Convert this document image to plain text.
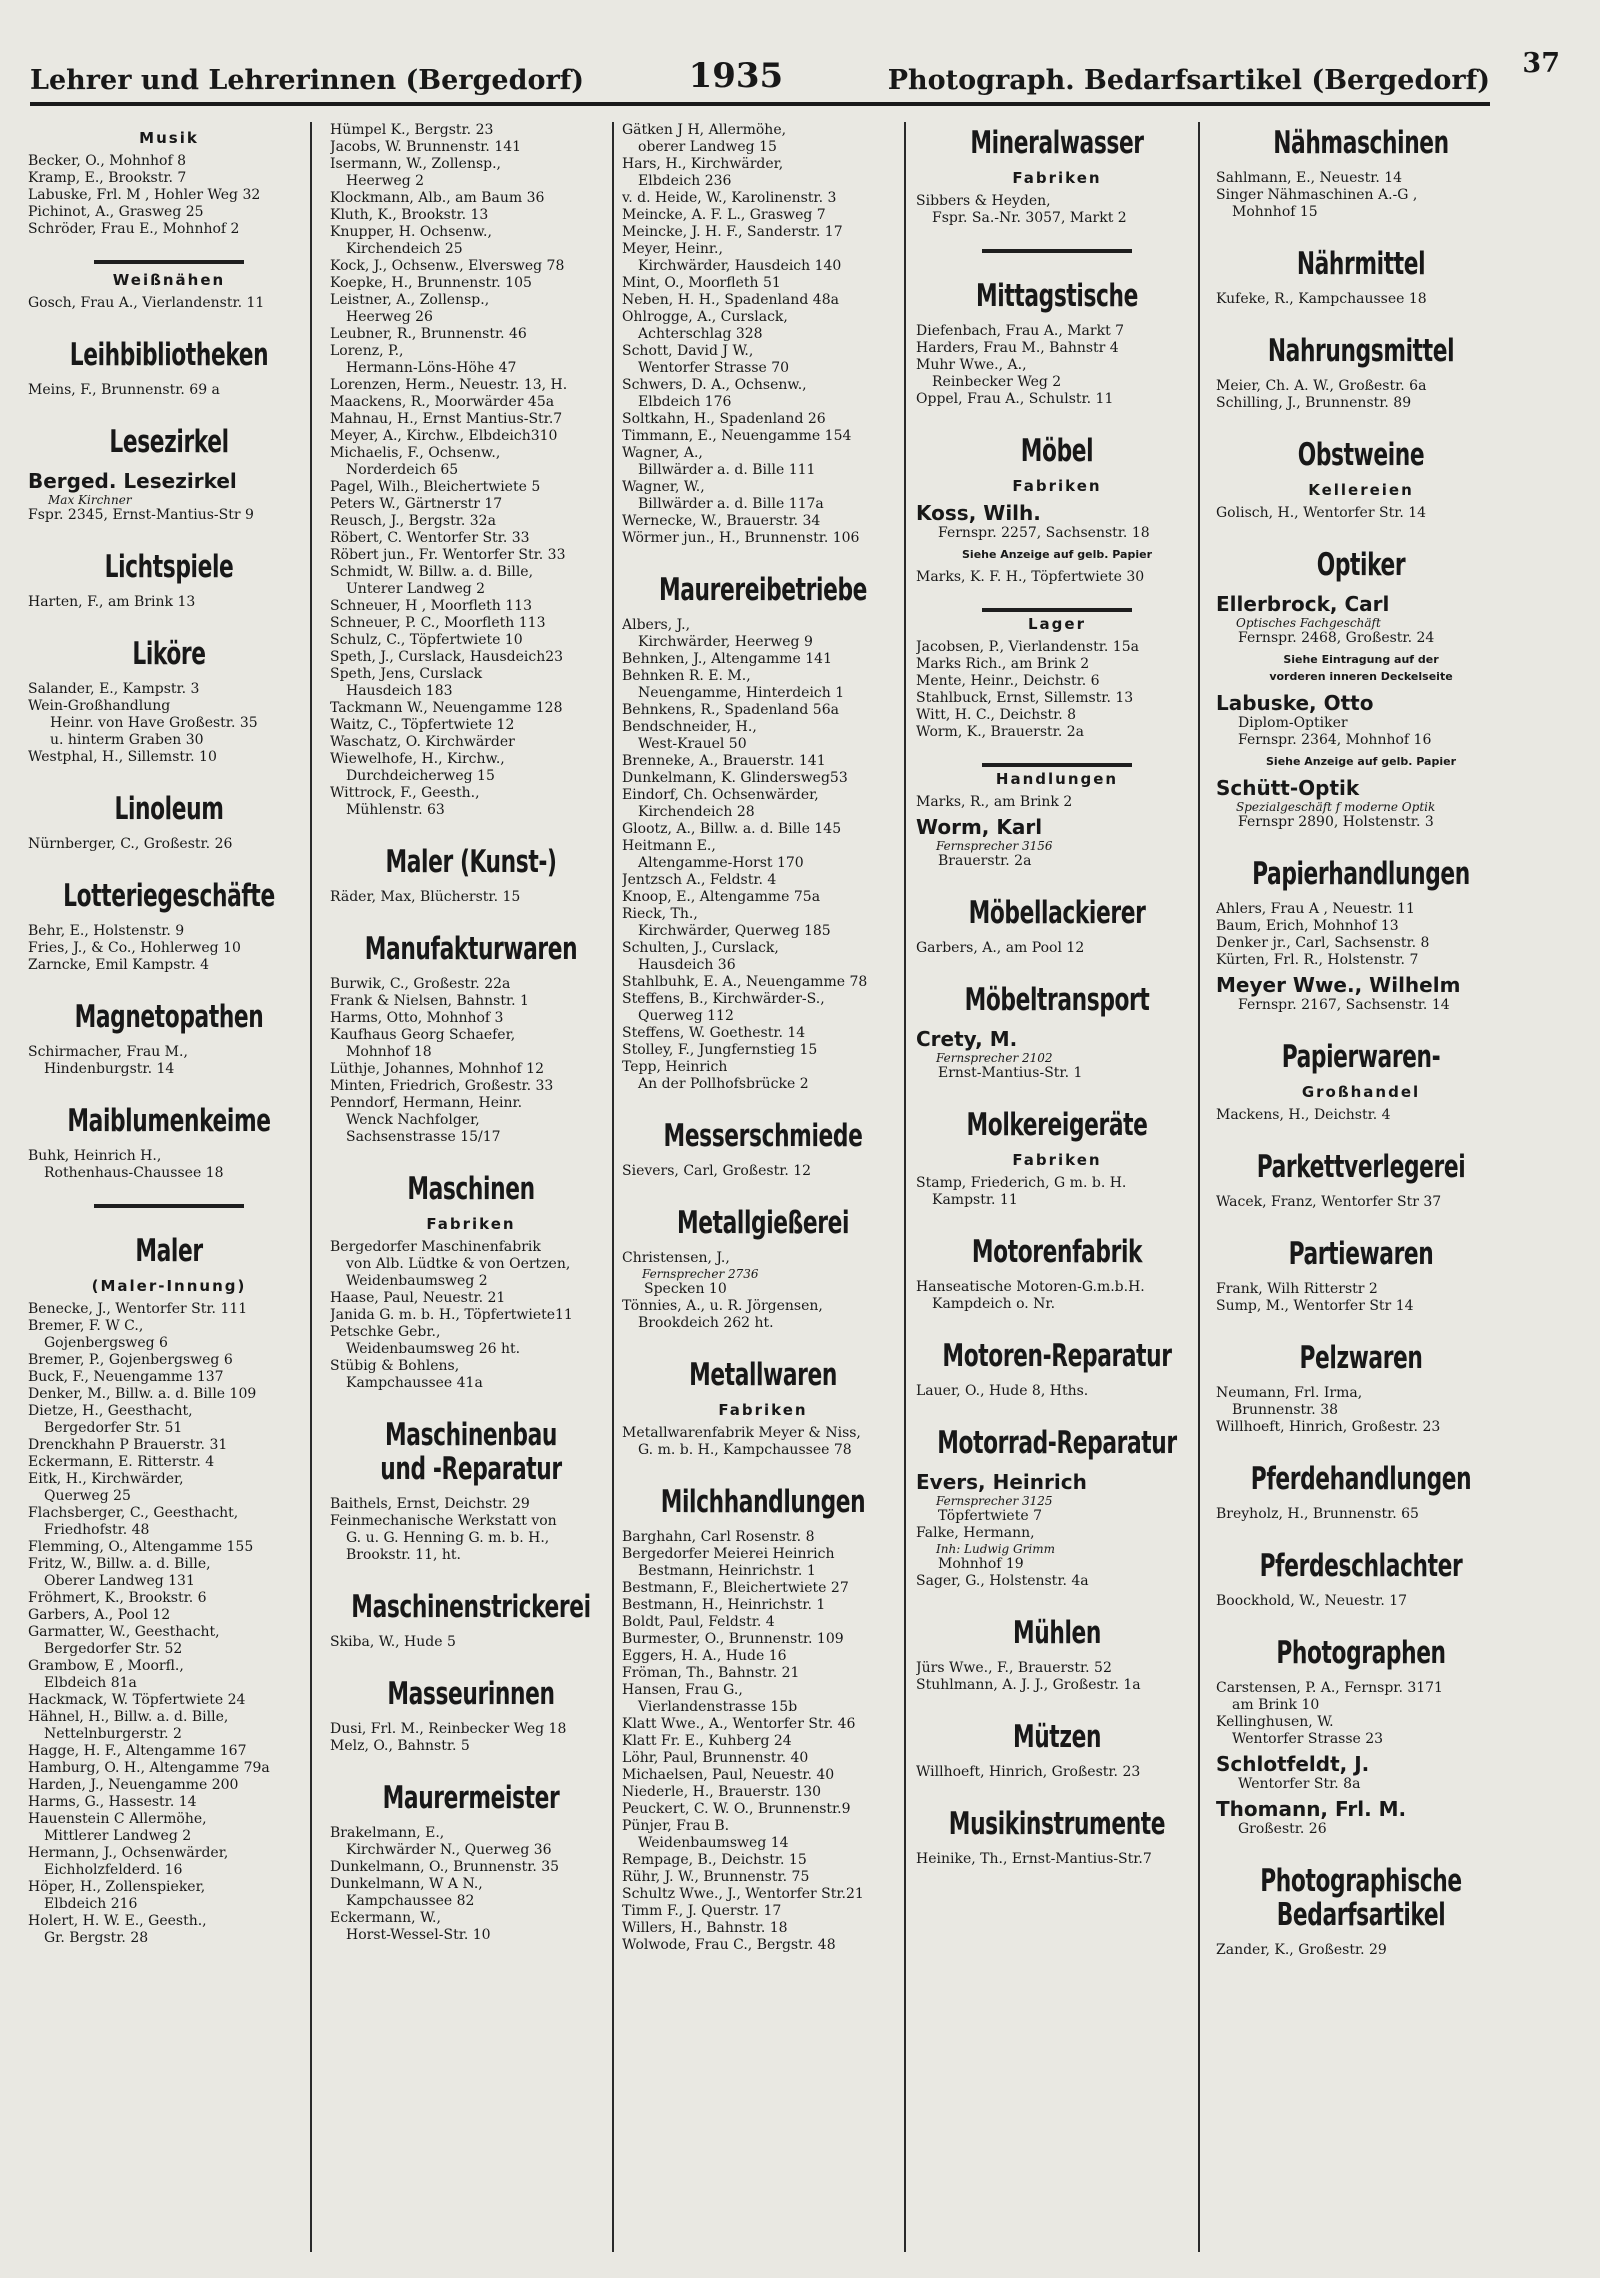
Lehrer und Lehrerinnen (Bergedorf)	1935	Photograph. Bedarfsartikel (Bergedorf)
37
Musik

Becker, O., Mohnhof 8

Kramp, E., Brookstr. 7

Labuske, Frl. M , Hohler Weg 32

Pichinot, A., Grasweg 25

Schröder, Frau E., Mohnhof 2

Weißnähen

Gosch, Frau A., Vierlandenstr. 11

Leihbibliotheken

Meins, F., Brunnenstr. 69 a

Lesezirkel
Berged. Lesezirkel
Max Kirchner

Fspr. 2345, Ernst-Mantius-Str 9

Lichtspiele

Harten, F., am Brink 13

Liköre

Salander, E., Kampstr. 3

Wein-Großhandlung

Heinr. von Have Großestr. 35
u. hinterm Graben 30

Westphal, H., Sillemstr. 10

Linoleum

Nürnberger, C., Großestr. 26

Lotteriegeschäfte

Behr, E., Holstenstr. 9

Fries, J., & Co., Hohlerweg 10

Zarncke, Emil Kampstr. 4

Magnetopathen

Schirmacher, Frau M.,
Hindenburgstr. 14

Maiblumenkeime

Buhk, Heinrich H.,
Rothenhaus-Chaussee 18

Maler
(Maler-Innung)

Benecke, J., Wentorfer Str. 111

Bremer, F. W C.,
Gojenbergsweg 6

Bremer, P., Gojenbergsweg 6

Buck, F., Neuengamme 137

Denker, M., Billw. a. d. Bille 109

Dietze, H., Geesthacht,
Bergedorfer Str. 51

Drenckhahn P Brauerstr. 31

Eckermann, E. Ritterstr. 4

Eitk, H., Kirchwärder,
Querweg 25

Flachsberger, C., Geesthacht,
Friedhofstr. 48

Flemming, O., Altengamme 155

Fritz, W., Billw. a. d. Bille,
Oberer Landweg 131

Fröhmert, K., Brookstr. 6

Garbers, A., Pool 12

Garmatter, W., Geesthacht,
Bergedorfer Str. 52

Grambow, E , Moorfl.,
Elbdeich 81a

Hackmack, W. Töpfertwiete 24

Hähnel, H., Billw. a. d. Bille,
Nettelnburgerstr. 2

Hagge, H. F., Altengamme 167

Hamburg, O. H., Altengamme 79a

Harden, J., Neuengamme 200

Harms, G., Hassestr. 14

Hauenstein C Allermöhe,
Mittlerer Landweg 2

Hermann, J., Ochsenwärder,
Eichholzfelderd. 16

Höper, H., Zollenspieker,
Elbdeich 216

Holert, H. W. E., Geesth.,
Gr. Bergstr. 28

Hümpel K., Bergstr. 23

Jacobs, W. Brunnenstr. 141

Isermann, W., Zollensp.,
Heerweg 2

Klockmann, Alb., am Baum 36

Kluth, K., Brookstr. 13

Knupper, H. Ochsenw.,
Kirchendeich 25

Kock, J., Ochsenw., Elversweg 78

Koepke, H., Brunnenstr. 105

Leistner, A., Zollensp.,
Heerweg 26

Leubner, R., Brunnenstr. 46

Lorenz, P.,
Hermann-Löns-Höhe 47

Lorenzen, Herm., Neuestr. 13, H.

Maackens, R., Moorwärder 45a

Mahnau, H., Ernst Mantius-Str.7

Meyer, A., Kirchw., Elbdeich310

Michaelis, F., Ochsenw.,
Norderdeich 65

Pagel, Wilh., Bleichertwiete 5

Peters W., Gärtnerstr 17

Reusch, J., Bergstr. 32a

Röbert, C. Wentorfer Str. 33

Röbert jun., Fr. Wentorfer Str. 33

Schmidt, W. Billw. a. d. Bille,
Unterer Landweg 2

Schneuer, H , Moorfleth 113

Schneuer, P. C., Moorfleth 113

Schulz, C., Töpfertwiete 10

Speth, J., Curslack, Hausdeich23

Speth, Jens, Curslack
Hausdeich 183

Tackmann W., Neuengamme 128

Waitz, C., Töpfertwiete 12

Waschatz, O. Kirchwärder

Wiewelhofe, H., Kirchw.,
Durchdeicherweg 15

Wittrock, F., Geesth.,
Mühlenstr. 63

Maler (Kunst-)

Räder, Max, Blücherstr. 15

Manufakturwaren

Burwik, C., Großestr. 22a

Frank & Nielsen, Bahnstr. 1

Harms, Otto, Mohnhof 3

Kaufhaus Georg Schaefer,
Mohnhof 18

Lüthje, Johannes, Mohnhof 12

Minten, Friedrich, Großestr. 33

Penndorf, Hermann, Heinr.
Wenck Nachfolger,
Sachsenstrasse 15/17

Maschinen
Fabriken

Bergedorfer Maschinenfabrik
von Alb. Lüdtke & von Oertzen,
Weidenbaumsweg 2

Haase, Paul, Neuestr. 21

Janida G. m. b. H., Töpfertwiete11

Petschke Gebr.,
Weidenbaumsweg 26 ht.

Stübig & Bohlens,
Kampchaussee 41a

Maschinenbau
und -Reparatur

Baithels, Ernst, Deichstr. 29

Feinmechanische Werkstatt von
G. u. G. Henning G. m. b. H.,
Brookstr. 11, ht.

Maschinenstrickerei

Skiba, W., Hude 5

Masseurinnen

Dusi, Frl. M., Reinbecker Weg 18

Melz, O., Bahnstr. 5

Maurermeister

Brakelmann, E.,
Kirchwärder N., Querweg 36

Dunkelmann, O., Brunnenstr. 35

Dunkelmann, W A N.,
Kampchaussee 82

Eckermann, W.,
Horst-Wessel-Str. 10

Gätken J H, Allermöhe,
oberer Landweg 15

Hars, H., Kirchwärder,
Elbdeich 236

v. d. Heide, W., Karolinenstr. 3

Meincke, A. F. L., Grasweg 7

Meincke, J. H. F., Sanderstr. 17

Meyer, Heinr.,
Kirchwärder, Hausdeich 140

Mint, O., Moorfleth 51

Neben, H. H., Spadenland 48a

Ohlrogge, A., Curslack,
Achterschlag 328

Schott, David J W.,
Wentorfer Strasse 70

Schwers, D. A., Ochsenw.,
Elbdeich 176

Soltkahn, H., Spadenland 26

Timmann, E., Neuengamme 154

Wagner, A.,
Billwärder a. d. Bille 111

Wagner, W.,
Billwärder a. d. Bille 117a

Wernecke, W., Brauerstr. 34

Wörmer jun., H., Brunnenstr. 106

Maurereibetriebe

Albers, J.,
Kirchwärder, Heerweg 9

Behnken, J., Altengamme 141

Behnken R. E. M.,
Neuengamme, Hinterdeich 1

Behnkens, R., Spadenland 56a

Bendschneider, H.,
West-Krauel 50

Brenneke, A., Brauerstr. 141

Dunkelmann, K. Glindersweg53

Eindorf, Ch. Ochsenwärder,
Kirchendeich 28

Glootz, A., Billw. a. d. Bille 145

Heitmann E.,
Altengamme-Horst 170

Jentzsch A., Feldstr. 4

Knoop, E., Altengamme 75a

Rieck, Th.,
Kirchwärder, Querweg 185

Schulten, J., Curslack,
Hausdeich 36

Stahlbuhk, E. A., Neuengamme 78

Steffens, B., Kirchwärder-S.,
Querweg 112

Steffens, W. Goethestr. 14

Stolley, F., Jungfernstieg 15

Tepp, Heinrich
An der Pollhofsbrücke 2

Messerschmiede

Sievers, Carl, Großestr. 12

Metallgießerei

Christensen, J.,

Fernsprecher 2736
Specken 10

Tönnies, A., u. R. Jörgensen,
Brookdeich 262 ht.

Metallwaren
Fabriken

Metallwarenfabrik Meyer & Niss,
G. m. b. H., Kampchaussee 78

Milchhandlungen

Barghahn, Carl Rosenstr. 8

Bergedorfer Meierei Heinrich
Bestmann, Heinrichstr. 1

Bestmann, F., Bleichertwiete 27

Bestmann, H., Heinrichstr. 1

Boldt, Paul, Feldstr. 4

Burmester, O., Brunnenstr. 109

Eggers, H. A., Hude 16

Fröman, Th., Bahnstr. 21

Hansen, Frau G.,
Vierlandenstrasse 15b

Klatt Wwe., A., Wentorfer Str. 46

Klatt Fr. E., Kuhberg 24

Löhr, Paul, Brunnenstr. 40

Michaelsen, Paul, Neuestr. 40

Niederle, H., Brauerstr. 130

Peuckert, C. W. O., Brunnenstr.9

Pünjer, Frau B.
Weidenbaumsweg 14

Rempage, B., Deichstr. 15

Rühr, J. W., Brunnenstr. 75

Schultz Wwe., J., Wentorfer Str.21

Timm F., J. Querstr. 17

Willers, H., Bahnstr. 18

Wolwode, Frau C., Bergstr. 48

Mineralwasser
Fabriken

Sibbers & Heyden,
Fspr. Sa.-Nr. 3057, Markt 2

Mittagstische

Diefenbach, Frau A., Markt 7

Harders, Frau M., Bahnstr 4

Muhr Wwe., A.,
Reinbecker Weg 2

Oppel, Frau A., Schulstr. 11

Möbel
Fabriken
Koss, Wilh.
Fernspr. 2257, Sachsenstr. 18
Siehe Anzeige auf gelb. Papier

Marks, K. F. H., Töpfertwiete 30

Lager

Jacobsen, P., Vierlandenstr. 15a

Marks Rich., am Brink 2

Mente, Heinr., Deichstr. 6

Stahlbuck, Ernst, Sillemstr. 13

Witt, H. C., Deichstr. 8

Worm, K., Brauerstr. 2a

Handlungen

Marks, R., am Brink 2

Worm, Karl
Fernsprecher 3156
Brauerstr. 2a
Möbellackierer

Garbers, A., am Pool 12

Möbeltransport
Crety, M.
Fernsprecher 2102
Ernst-Mantius-Str. 1
Molkereigeräte
Fabriken

Stamp, Friederich, G m. b. H.
Kampstr. 11

Motorenfabrik

Hanseatische Motoren-G.m.b.H.
Kampdeich o. Nr.

Motoren-Reparatur

Lauer, O., Hude 8, Hths.

Motorrad-Reparatur
Evers, Heinrich
Fernsprecher 3125
Töpfertwiete 7

Falke, Hermann,

Inh: Ludwig Grimm
Mohnhof 19

Sager, G., Holstenstr. 4a

Mühlen

Jürs Wwe., F., Brauerstr. 52

Stuhlmann, A. J. J., Großestr. 1a

Mützen

Willhoeft, Hinrich, Großestr. 23

Musikinstrumente

Heinike, Th., Ernst-Mantius-Str.7

Nähmaschinen

Sahlmann, E., Neuestr. 14

Singer Nähmaschinen A.-G ,
Mohnhof 15

Nährmittel

Kufeke, R., Kampchaussee 18

Nahrungsmittel

Meier, Ch. A. W., Großestr. 6a

Schilling, J., Brunnenstr. 89

Obstweine
Kellereien

Golisch, H., Wentorfer Str. 14

Optiker
Ellerbrock, Carl
Optisches Fachgeschäft
Fernspr. 2468, Großestr. 24
Siehe Eintragung auf der
vorderen inneren Deckelseite
Labuske, Otto
Diplom-Optiker
Fernspr. 2364, Mohnhof 16
Siehe Anzeige auf gelb. Papier
Schütt-Optik
Spezialgeschäft f moderne Optik
Fernspr 2890, Holstenstr. 3
Papierhandlungen

Ahlers, Frau A , Neuestr. 11

Baum, Erich, Mohnhof 13

Denker jr., Carl, Sachsenstr. 8

Kürten, Frl. R., Holstenstr. 7

Meyer Wwe., Wilhelm
Fernspr. 2167, Sachsenstr. 14
Papierwaren-
Großhandel

Mackens, H., Deichstr. 4

Parkettverlegerei

Wacek, Franz, Wentorfer Str 37

Partiewaren

Frank, Wilh Ritterstr 2

Sump, M., Wentorfer Str 14

Pelzwaren

Neumann, Frl. Irma,
Brunnenstr. 38

Willhoeft, Hinrich, Großestr. 23

Pferdehandlungen

Breyholz, H., Brunnenstr. 65

Pferdeschlachter

Boockhold, W., Neuestr. 17

Photographen

Carstensen, P. A., Fernspr. 3171
am Brink 10

Kellinghusen, W.
Wentorfer Strasse 23

Schlotfeldt, J.
Wentorfer Str. 8a
Thomann, Frl. M.
Großestr. 26
Photographische
Bedarfsartikel

Zander, K., Großestr. 29
